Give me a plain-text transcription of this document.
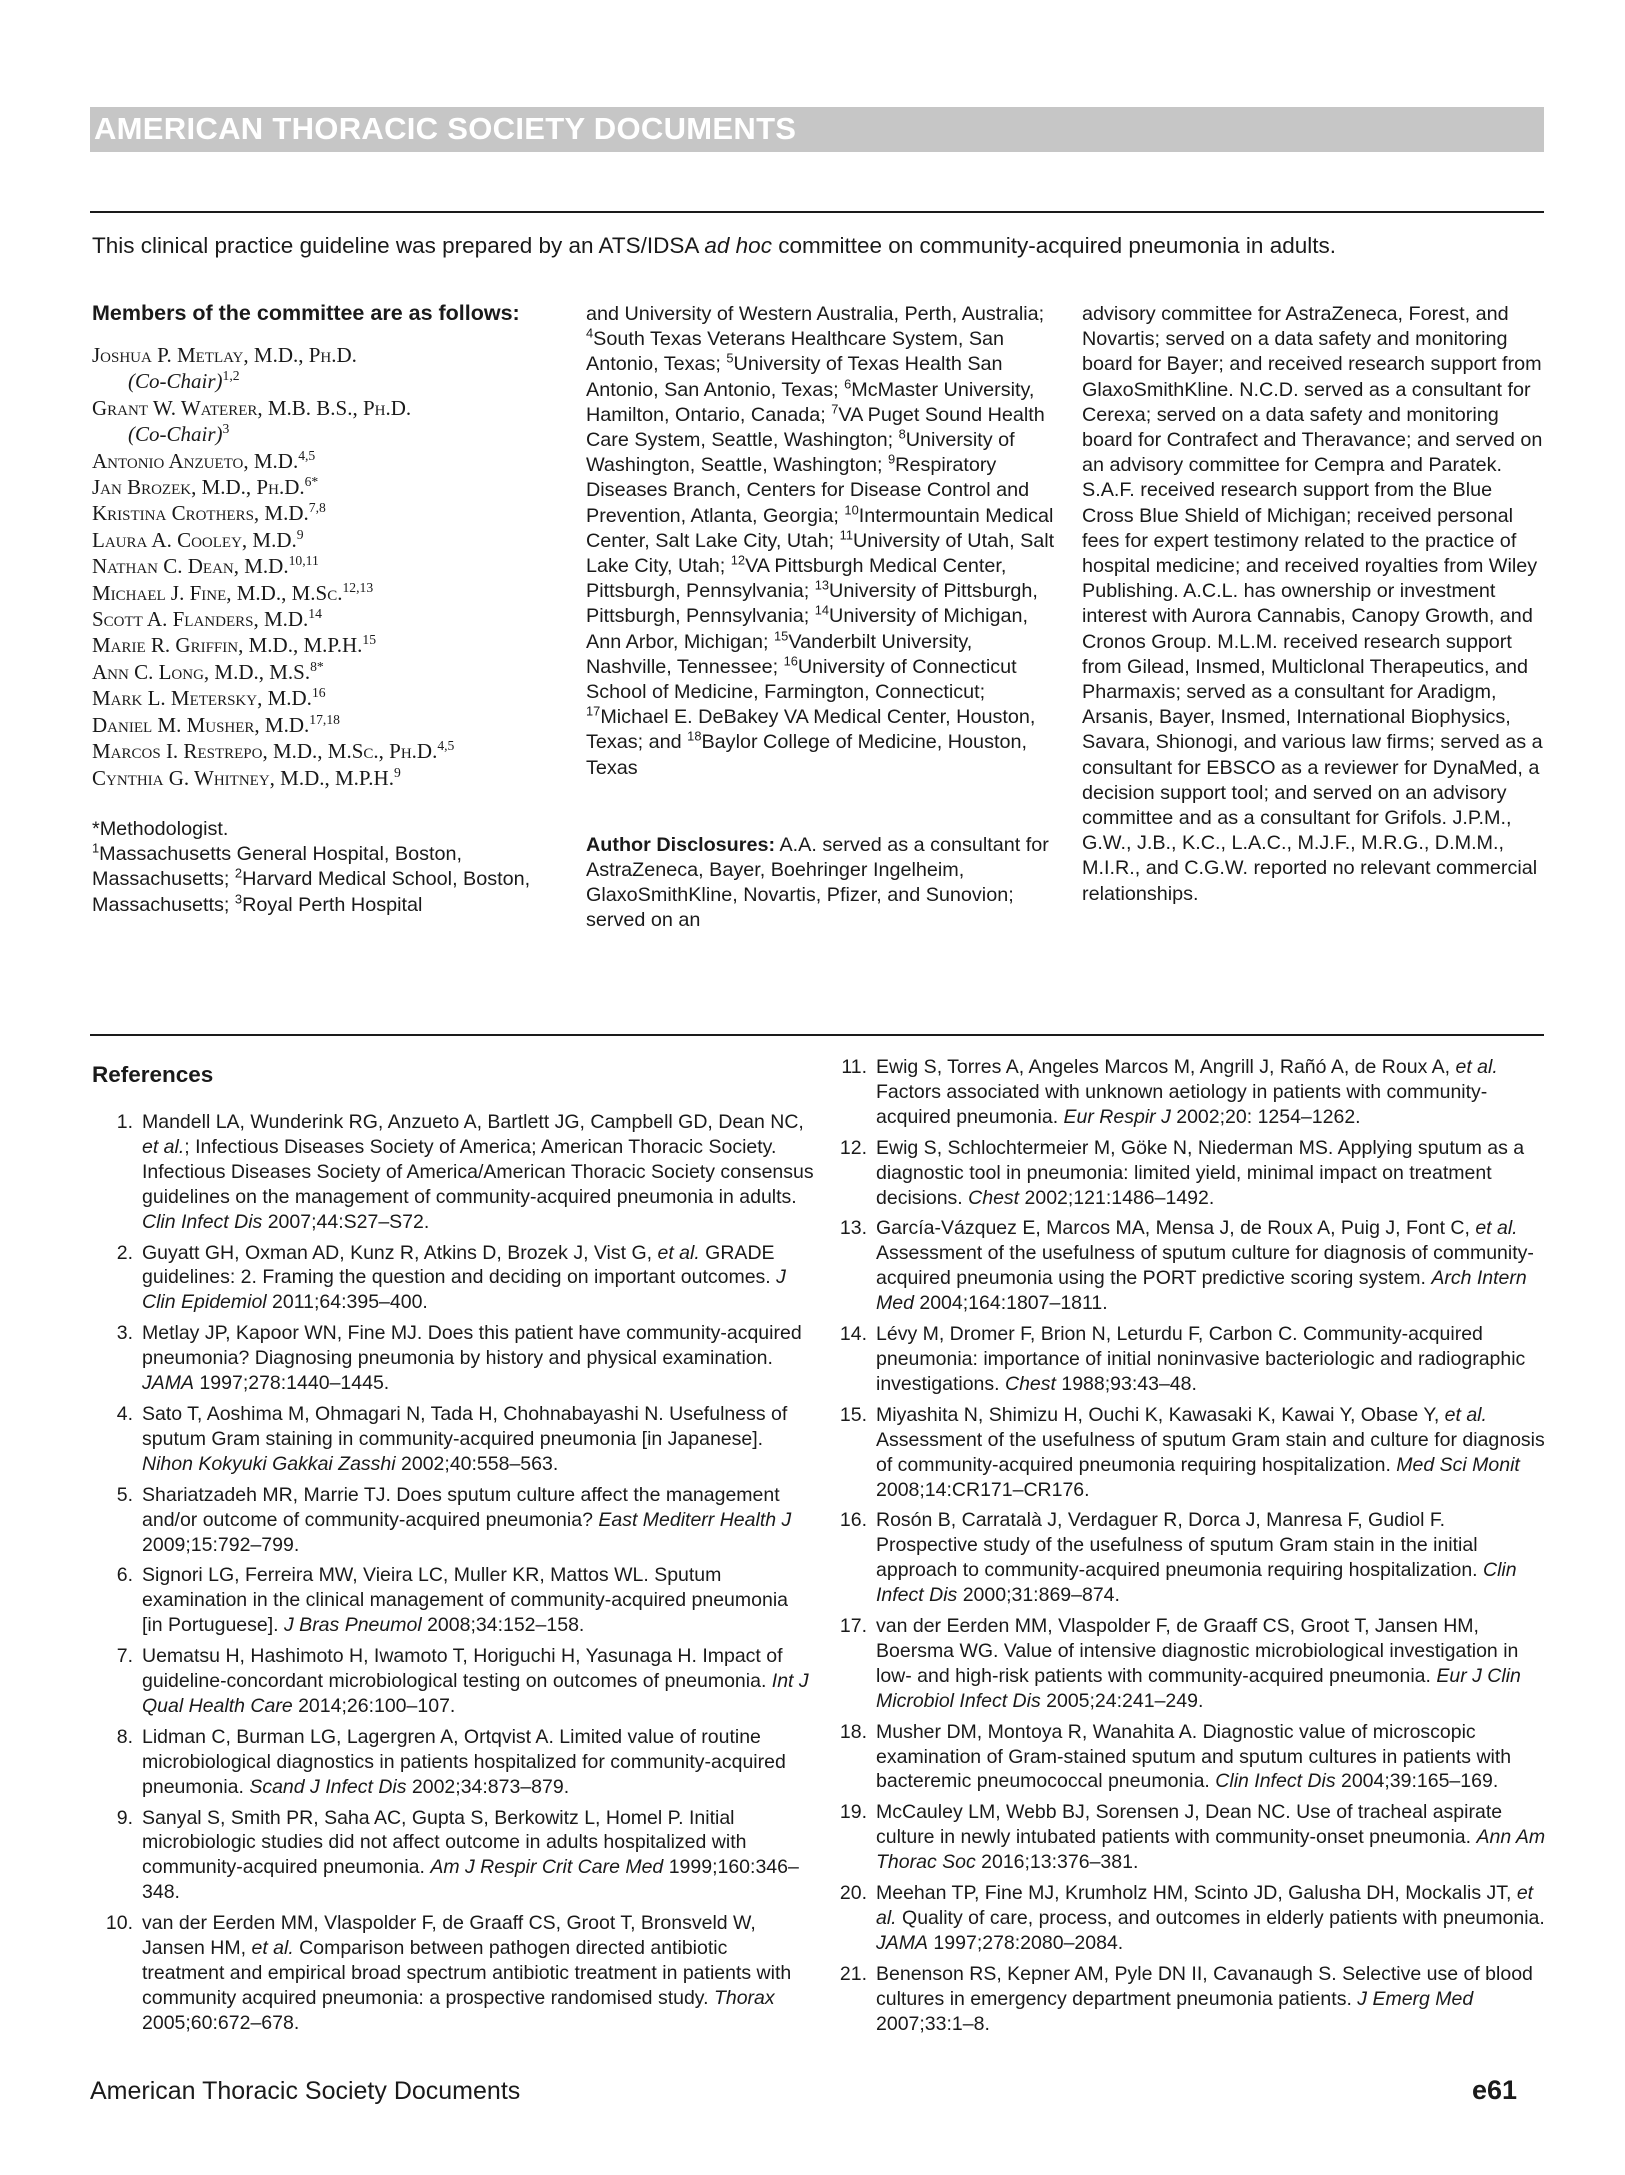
AMERICAN THORACIC SOCIETY DOCUMENTS
This clinical practice guideline was prepared by an ATS/IDSA ad hoc committee on community-acquired pneumonia in adults.

Members of the committee are as follows:

Joshua P. Metlay, M.D., Ph.D.
(Co-Chair)$^{1,2}$
Grant W. Waterer, M.B. B.S., Ph.D.
(Co-Chair)$^3$
Antonio Anzueto, M.D.$^{4,5}$
Jan Brozek, M.D., Ph.D.$^{6*}$
Kristina Crothers, M.D.$^{7,8}$
Laura A. Cooley, M.D.$^9$
Nathan C. Dean, M.D.$^{10,11}$
Michael J. Fine, M.D., M.Sc.$^{12,13}$
Scott A. Flanders, M.D.$^{14}$
Marie R. Griffin, M.D., M.P.H.$^{15}$
Ann C. Long, M.D., M.S.$^{8*}$
Mark L. Metersky, M.D.$^{16}$
Daniel M. Musher, M.D.$^{17,18}$
Marcos I. Restrepo, M.D., M.Sc., Ph.D.$^{4,5}$
Cynthia G. Whitney, M.D., M.P.H.$^9$

*Methodologist.

$^1$Massachusetts General Hospital, Boston, Massachusetts; $^2$Harvard Medical School, Boston, Massachusetts; $^3$Royal Perth Hospital

and University of Western Australia, Perth, Australia; $^4$South Texas Veterans Healthcare System, San Antonio, Texas; $^5$University of Texas Health San Antonio, San Antonio, Texas; $^6$McMaster University, Hamilton, Ontario, Canada; $^7$VA Puget Sound Health Care System, Seattle, Washington; $^8$University of Washington, Seattle, Washington; $^9$Respiratory Diseases Branch, Centers for Disease Control and Prevention, Atlanta, Georgia; $^{10}$Intermountain Medical Center, Salt Lake City, Utah; $^{11}$University of Utah, Salt Lake City, Utah; $^{12}$VA Pittsburgh Medical Center, Pittsburgh, Pennsylvania; $^{13}$University of Pittsburgh, Pittsburgh, Pennsylvania; $^{14}$University of Michigan, Ann Arbor, Michigan; $^{15}$Vanderbilt University, Nashville, Tennessee; $^{16}$University of Connecticut School of Medicine, Farmington, Connecticut; $^{17}$Michael E. DeBakey VA Medical Center, Houston, Texas; and $^{18}$Baylor College of Medicine, Houston, Texas

Author Disclosures: A.A. served as a consultant for AstraZeneca, Bayer, Boehringer Ingelheim, GlaxoSmithKline, Novartis, Pfizer, and Sunovion; served on an

advisory committee for AstraZeneca, Forest, and Novartis; served on a data safety and monitoring board for Bayer; and received research support from GlaxoSmithKline. N.C.D. served as a consultant for Cerexa; served on a data safety and monitoring board for Contrafect and Theravance; and served on an advisory committee for Cempra and Paratek. S.A.F. received research support from the Blue Cross Blue Shield of Michigan; received personal fees for expert testimony related to the practice of hospital medicine; and received royalties from Wiley Publishing. A.C.L. has ownership or investment interest with Aurora Cannabis, Canopy Growth, and Cronos Group. M.L.M. received research support from Gilead, Insmed, Multiclonal Therapeutics, and Pharmaxis; served as a consultant for Aradigm, Arsanis, Bayer, Insmed, International Biophysics, Savara, Shionogi, and various law firms; served as a consultant for EBSCO as a reviewer for DynaMed, a decision support tool; and served on an advisory committee and as a consultant for Grifols. J.P.M., G.W., J.B., K.C., L.A.C., M.J.F., M.R.G., D.M.M., M.I.R., and C.G.W. reported no relevant commercial relationships.

References
1. Mandell LA, Wunderink RG, Anzueto A, Bartlett JG, Campbell GD, Dean NC, et al.; Infectious Diseases Society of America; American Thoracic Society. Infectious Diseases Society of America/American Thoracic Society consensus guidelines on the management of community-acquired pneumonia in adults. Clin Infect Dis 2007;44:S27–S72.
2. Guyatt GH, Oxman AD, Kunz R, Atkins D, Brozek J, Vist G, et al. GRADE guidelines: 2. Framing the question and deciding on important outcomes. J Clin Epidemiol 2011;64:395–400.
3. Metlay JP, Kapoor WN, Fine MJ. Does this patient have community-acquired pneumonia? Diagnosing pneumonia by history and physical examination. JAMA 1997;278:1440–1445.
4. Sato T, Aoshima M, Ohmagari N, Tada H, Chohnabayashi N. Usefulness of sputum Gram staining in community-acquired pneumonia [in Japanese]. Nihon Kokyuki Gakkai Zasshi 2002;40:558–563.
5. Shariatzadeh MR, Marrie TJ. Does sputum culture affect the management and/or outcome of community-acquired pneumonia? East Mediterr Health J 2009;15:792–799.
6. Signori LG, Ferreira MW, Vieira LC, Muller KR, Mattos WL. Sputum examination in the clinical management of community-acquired pneumonia [in Portuguese]. J Bras Pneumol 2008;34:152–158.
7. Uematsu H, Hashimoto H, Iwamoto T, Horiguchi H, Yasunaga H. Impact of guideline-concordant microbiological testing on outcomes of pneumonia. Int J Qual Health Care 2014;26:100–107.
8. Lidman C, Burman LG, Lagergren A, Ortqvist A. Limited value of routine microbiological diagnostics in patients hospitalized for community-acquired pneumonia. Scand J Infect Dis 2002;34:873–879.
9. Sanyal S, Smith PR, Saha AC, Gupta S, Berkowitz L, Homel P. Initial microbiologic studies did not affect outcome in adults hospitalized with community-acquired pneumonia. Am J Respir Crit Care Med 1999;160:346–348.
10. van der Eerden MM, Vlaspolder F, de Graaff CS, Groot T, Bronsveld W, Jansen HM, et al. Comparison between pathogen directed antibiotic treatment and empirical broad spectrum antibiotic treatment in patients with community acquired pneumonia: a prospective randomised study. Thorax 2005;60:672–678.
11. Ewig S, Torres A, Angeles Marcos M, Angrill J, Rañó A, de Roux A, et al. Factors associated with unknown aetiology in patients with community-acquired pneumonia. Eur Respir J 2002;20: 1254–1262.
12. Ewig S, Schlochtermeier M, Göke N, Niederman MS. Applying sputum as a diagnostic tool in pneumonia: limited yield, minimal impact on treatment decisions. Chest 2002;121:1486–1492.
13. García-Vázquez E, Marcos MA, Mensa J, de Roux A, Puig J, Font C, et al. Assessment of the usefulness of sputum culture for diagnosis of community-acquired pneumonia using the PORT predictive scoring system. Arch Intern Med 2004;164:1807–1811.
14. Lévy M, Dromer F, Brion N, Leturdu F, Carbon C. Community-acquired pneumonia: importance of initial noninvasive bacteriologic and radiographic investigations. Chest 1988;93:43–48.
15. Miyashita N, Shimizu H, Ouchi K, Kawasaki K, Kawai Y, Obase Y, et al. Assessment of the usefulness of sputum Gram stain and culture for diagnosis of community-acquired pneumonia requiring hospitalization. Med Sci Monit 2008;14:CR171–CR176.
16. Rosón B, Carratalà J, Verdaguer R, Dorca J, Manresa F, Gudiol F. Prospective study of the usefulness of sputum Gram stain in the initial approach to community-acquired pneumonia requiring hospitalization. Clin Infect Dis 2000;31:869–874.
17. van der Eerden MM, Vlaspolder F, de Graaff CS, Groot T, Jansen HM, Boersma WG. Value of intensive diagnostic microbiological investigation in low- and high-risk patients with community-acquired pneumonia. Eur J Clin Microbiol Infect Dis 2005;24:241–249.
18. Musher DM, Montoya R, Wanahita A. Diagnostic value of microscopic examination of Gram-stained sputum and sputum cultures in patients with bacteremic pneumococcal pneumonia. Clin Infect Dis 2004;39:165–169.
19. McCauley LM, Webb BJ, Sorensen J, Dean NC. Use of tracheal aspirate culture in newly intubated patients with community-onset pneumonia. Ann Am Thorac Soc 2016;13:376–381.
20. Meehan TP, Fine MJ, Krumholz HM, Scinto JD, Galusha DH, Mockalis JT, et al. Quality of care, process, and outcomes in elderly patients with pneumonia. JAMA 1997;278:2080–2084.
21. Benenson RS, Kepner AM, Pyle DN II, Cavanaugh S. Selective use of blood cultures in emergency department pneumonia patients. J Emerg Med 2007;33:1–8.
American Thoracic Society Documents	e61
